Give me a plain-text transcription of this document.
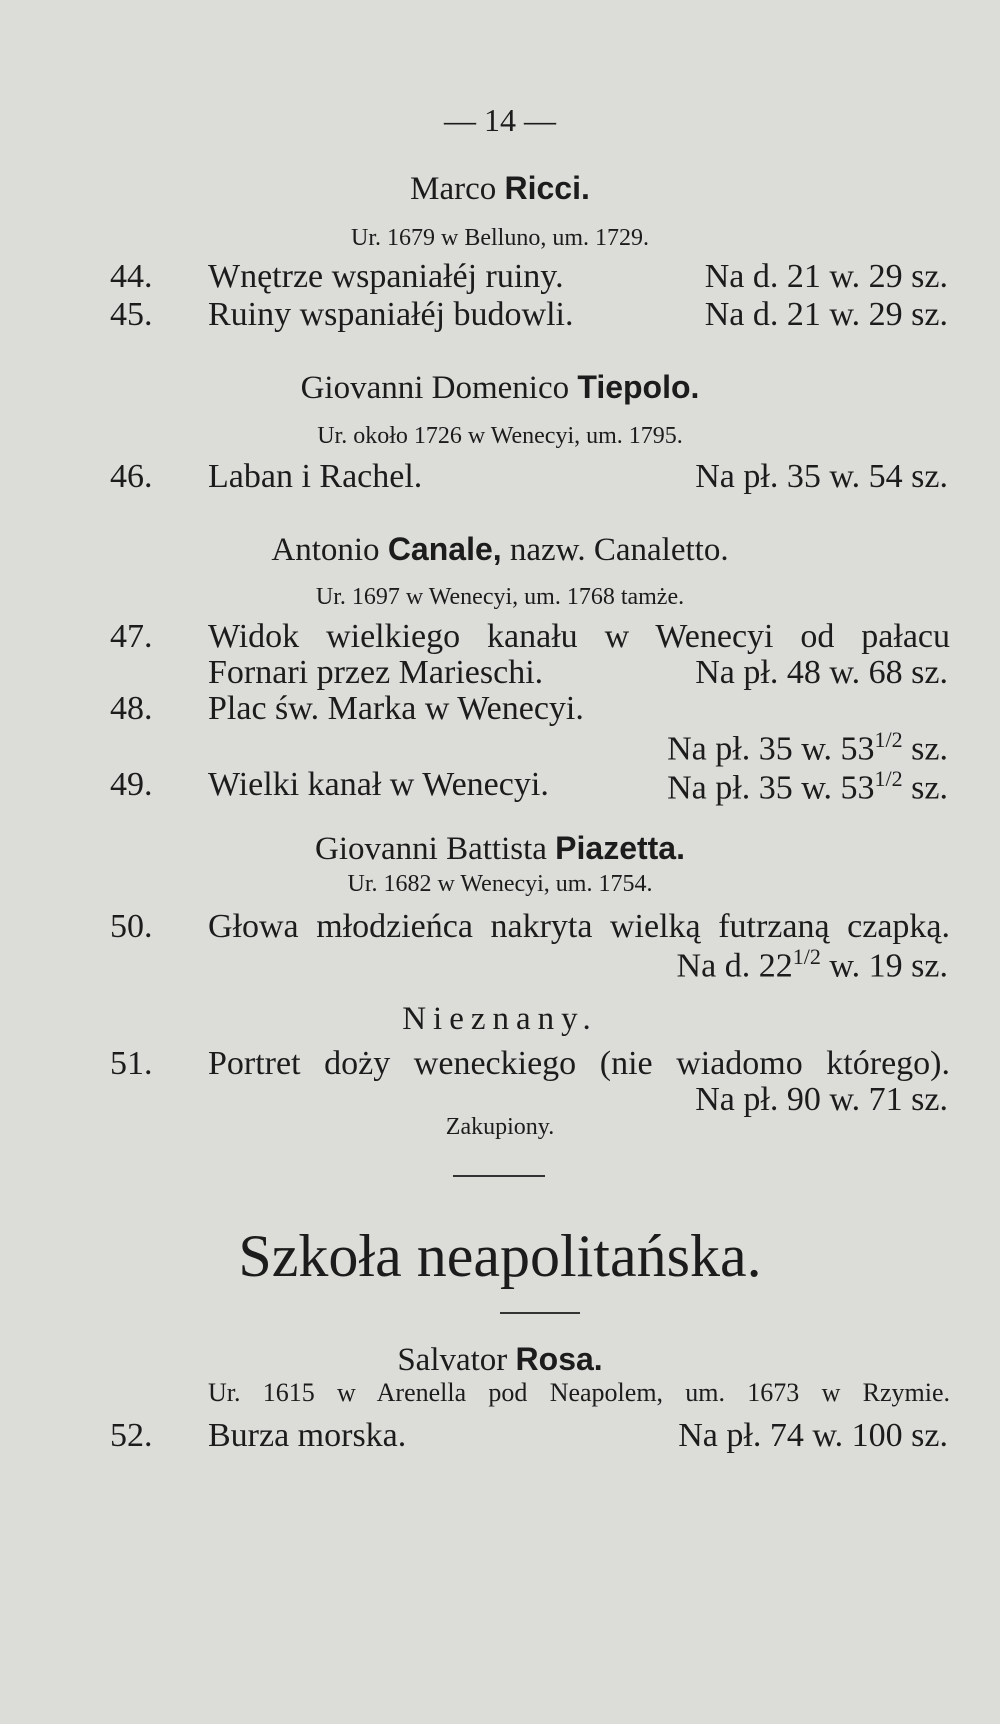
— 14 —
Marco Ricci.
Ur. 1679 w Belluno, um. 1729.
44. Wnętrze wspaniałéj ruiny.	Na d. 21 w. 29 sz.
45. Ruiny wspaniałéj budowli.	Na d. 21 w. 29 sz.
Giovanni Domenico Tiepolo.
Ur. około 1726 w Wenecyi, um. 1795.
46. Laban i Rachel.	Na pł. 35 w. 54 sz.
Antonio Canale, nazw. Canaletto.
Ur. 1697 w Wenecyi, um. 1768 tamże.
47. Widok wielkiego kanału w Wenecyi od pałacu
Fornari przez Marieschi.	Na pł. 48 w. 68 sz.
48. Plac św. Marka w Wenecyi.
Na pł. 35 w. $53^{1/2}$ sz.
49. Wielki kanał w Wenecyi.	Na pł. 35 w. $53^{1/2}$ sz.
Giovanni Battista Piazetta.
Ur. 1682 w Wenecyi, um. 1754.
50. Głowa młodzieńca nakryta wielką futrzaną czapką.
Na d. $22^{1/2}$ w. 19 sz.
Nieznany.
51. Portret doży weneckiego (nie wiadomo którego).
Na pł. 90 w. 71 sz.
Zakupiony.
Szkoła neapolitańska.
Salvator Rosa.
Ur. 1615 w Arenella pod Neapolem, um. 1673 w Rzymie.
52. Burza morska.	Na pł. 74 w. 100 sz.
